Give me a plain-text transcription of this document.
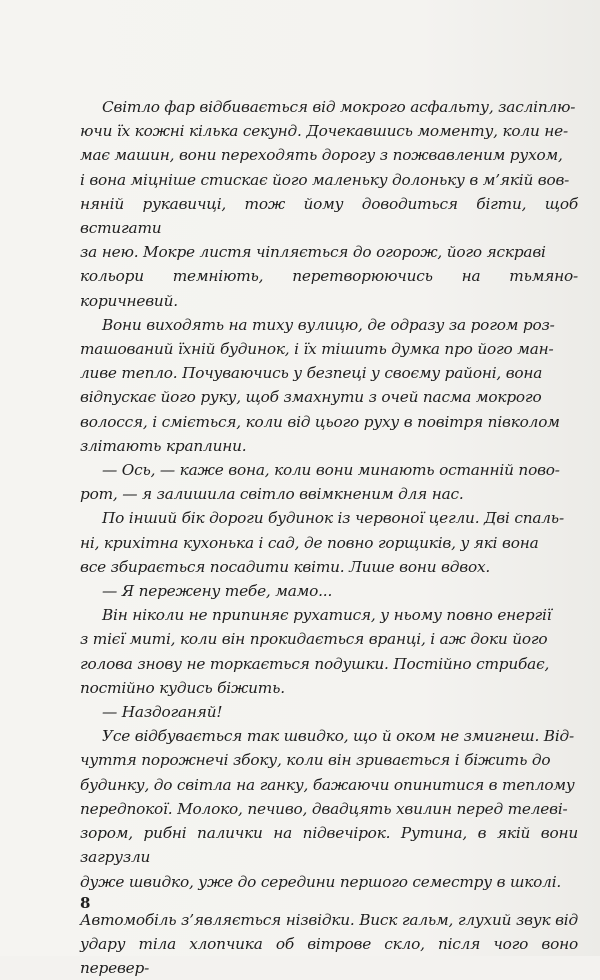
Світло фар відбивається від мокрого асфальту, засліплю-

ючи їх кожні кілька секунд. Дочекавшись моменту, коли не-

має машин, вони переходять дорогу з пожвавленим рухом,

і вона міцніше стискає його маленьку долоньку в м’якій вов-

няній рукавичці, тож йому доводиться бігти, щоб встигати

за нею. Мокре листя чіпляється до огорож, його яскраві

кольори темніють, перетворюючись на тьмяно-коричневий.

Вони виходять на тиху вулицю, де одразу за рогом роз-

ташований їхній будинок, і їх тішить думка про його ман-

ливе тепло. Почуваючись у безпеці у своєму районі, вона

відпускає його руку, щоб змахнути з очей пасма мокрого

волосся, і сміється, коли від цього руху в повітря півколом

злітають краплини.

— Ось, — каже вона, коли вони минають останній пово-

рот, — я залишила світло ввімкненим для нас.

По інший бік дороги будинок із червоної цегли. Дві спаль-

ні, крихітна кухонька і сад, де повно горщиків, у які вона

все збирається посадити квіти. Лише вони вдвох.

— Я пережену тебе, мамо...

Він ніколи не припиняє рухатися, у ньому повно енергії

з тієї миті, коли він прокидається вранці, і аж доки його

голова знову не торкається подушки. Постійно стрибає,

постійно кудись біжить.

— Наздоганяй!

Усе відбувається так швидко, що й оком не змигнеш. Від-

чуття порожнечі збоку, коли він зривається і біжить до

будинку, до світла на ганку, бажаючи опинитися в теплому

передпокої. Молоко, печиво, двадцять хвилин перед телеві-

зором, рибні палички на підвечірок. Рутина, в якій вони загрузли

дуже швидко, уже до середини першого семестру в школі.

Автомобіль з’являється нізвідки. Виск гальм, глухий звук від

удару тіла хлопчика об вітрове скло, після чого воно перевер-

8
